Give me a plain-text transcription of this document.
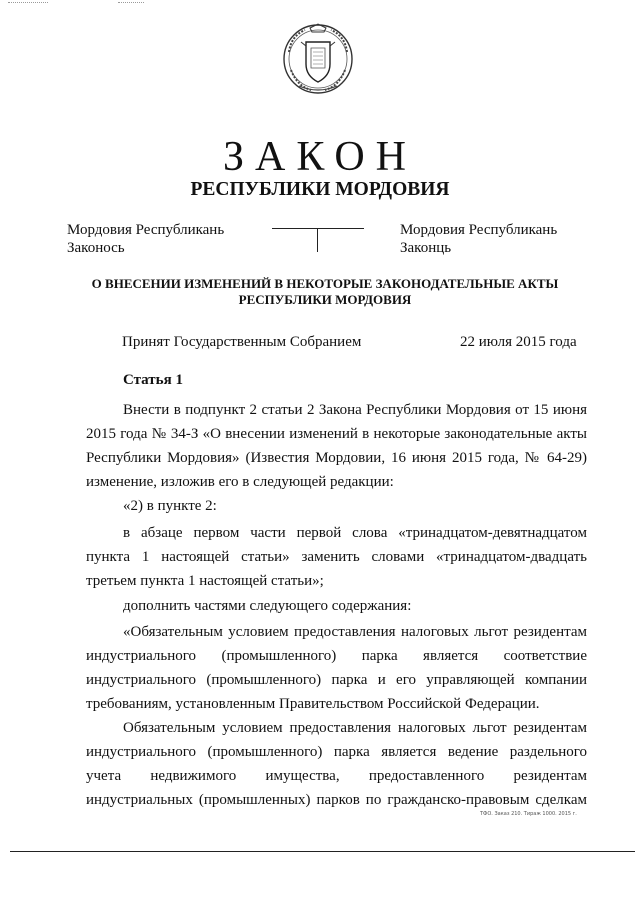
ЗАКОН
РЕСПУБЛИКИ МОРДОВИЯ
Мордовия Республикань
Законось
Мордовия Республикань
Законць
О ВНЕСЕНИИ ИЗМЕНЕНИЙ В НЕКОТОРЫЕ ЗАКОНОДАТЕЛЬНЫЕ АКТЫ
РЕСПУБЛИКИ МОРДОВИЯ
Принят Государственным Собранием	22 июля 2015 года
Статья 1
Внести в подпункт 2 статьи 2 Закона Республики Мордовия от 15 июня
2015 года № 34-З «О внесении изменений в некоторые законодательные акты
Республики Мордовия» (Известия Мордовии, 16 июня 2015 года, № 64-29)
изменение, изложив его в следующей редакции:
«2) в пункте 2:
в абзаце первом части первой слова «тринадцатом-девятнадцатом
пункта 1 настоящей статьи» заменить словами «тринадцатом-двадцать
третьем пункта 1 настоящей статьи»;
дополнить частями следующего содержания:
«Обязательным условием предоставления налоговых льгот резидентам
индустриального (промышленного) парка является соответствие
индустриального (промышленного) парка и его управляющей компании
требованиям, установленным Правительством Российской Федерации.
Обязательным условием предоставления налоговых льгот резидентам
индустриального (промышленного) парка является ведение раздельного
учета недвижимого имущества, предоставленного резидентам
индустриальных (промышленных) парков по гражданско-правовым сделкам
ТФО. Заказ 210. Тираж 1000. 2015 г.
